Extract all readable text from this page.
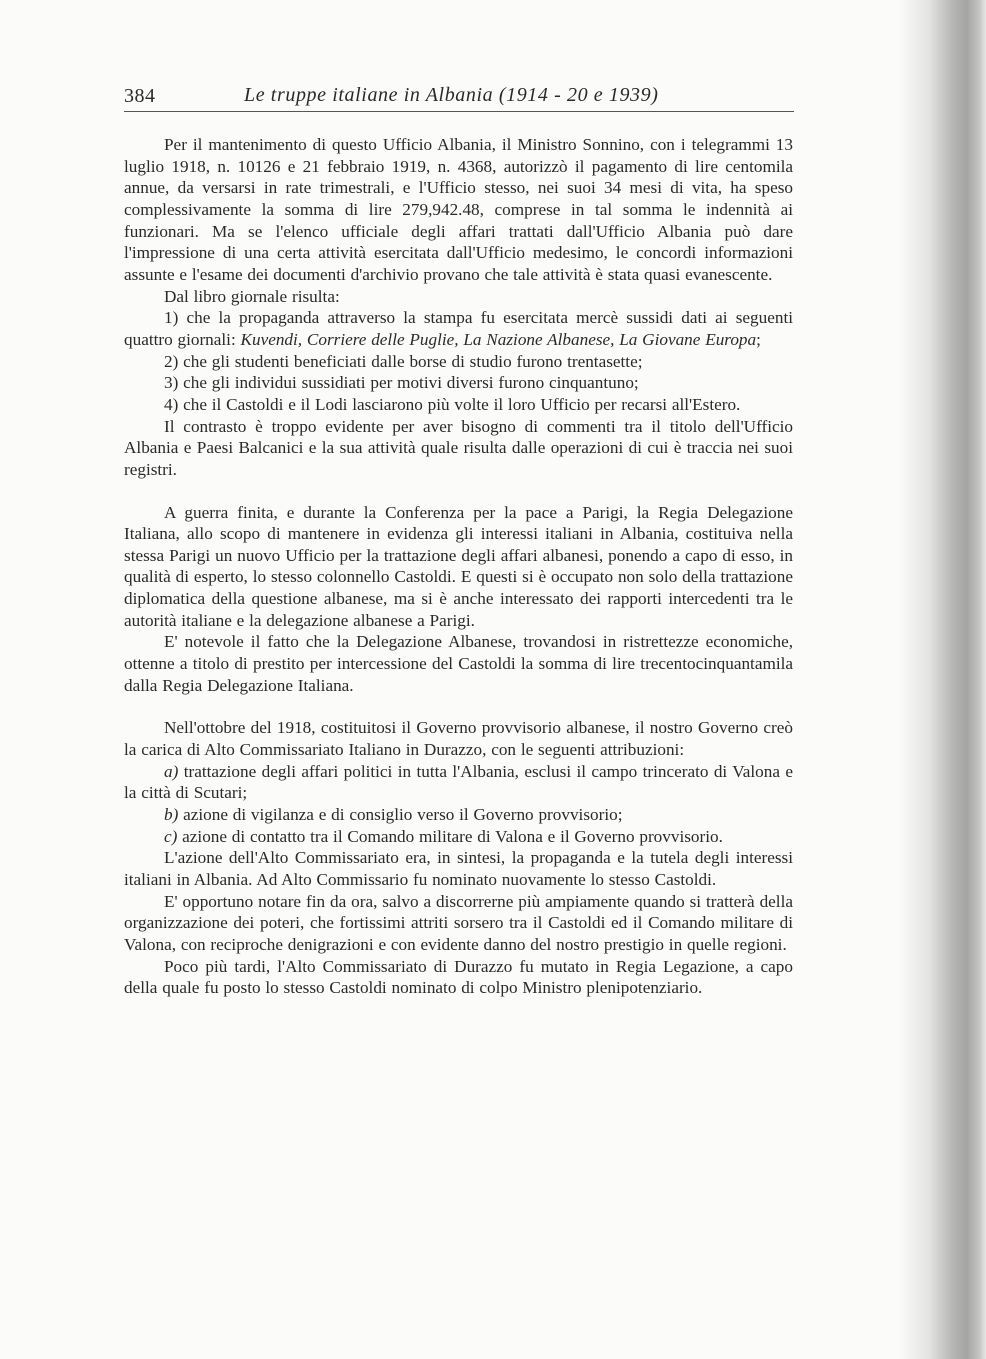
384	Le truppe italiane in Albania (1914 - 20 e 1939)

Per il mantenimento di questo Ufficio Albania, il Ministro Sonnino, con i telegrammi 13 luglio 1918, n. 10126 e 21 febbraio 1919, n. 4368, autorizzò il pagamento di lire centomila annue, da versarsi in rate trimestrali, e l'Ufficio stesso, nei suoi 34 mesi di vita, ha speso complessivamente la somma di lire 279,942.48, comprese in tal somma le indennità ai funzionari. Ma se l'elenco ufficiale degli affari trattati dall'Ufficio Albania può dare l'impressione di una certa attività esercitata dall'Ufficio medesimo, le concordi informazioni assunte e l'esame dei documenti d'archivio provano che tale attività è stata quasi evanescente.

Dal libro giornale risulta:

1) che la propaganda attraverso la stampa fu esercitata mercè sussidi dati ai seguenti quattro giornali: Kuvendi, Corriere delle Puglie, La Nazione Albanese, La Giovane Europa;

2) che gli studenti beneficiati dalle borse di studio furono trentasette;

3) che gli individui sussidiati per motivi diversi furono cinquantuno;

4) che il Castoldi e il Lodi lasciarono più volte il loro Ufficio per recarsi all'Estero.

Il contrasto è troppo evidente per aver bisogno di commenti tra il titolo dell'Ufficio Albania e Paesi Balcanici e la sua attività quale risulta dalle operazioni di cui è traccia nei suoi registri.

A guerra finita, e durante la Conferenza per la pace a Parigi, la Regia Delegazione Italiana, allo scopo di mantenere in evidenza gli interessi italiani in Albania, costituiva nella stessa Parigi un nuovo Ufficio per la trattazione degli affari albanesi, ponendo a capo di esso, in qualità di esperto, lo stesso colonnello Castoldi. E questi si è occupato non solo della trattazione diplomatica della questione albanese, ma si è anche interessato dei rapporti intercedenti tra le autorità italiane e la delegazione albanese a Parigi.

E' notevole il fatto che la Delegazione Albanese, trovandosi in ristrettezze economiche, ottenne a titolo di prestito per intercessione del Castoldi la somma di lire trecentocinquantamila dalla Regia Delegazione Italiana.

Nell'ottobre del 1918, costituitosi il Governo provvisorio albanese, il nostro Governo creò la carica di Alto Commissariato Italiano in Durazzo, con le seguenti attribuzioni:

a) trattazione degli affari politici in tutta l'Albania, esclusi il campo trincerato di Valona e la città di Scutari;

b) azione di vigilanza e di consiglio verso il Governo provvisorio;

c) azione di contatto tra il Comando militare di Valona e il Governo provvisorio.

L'azione dell'Alto Commissariato era, in sintesi, la propaganda e la tutela degli interessi italiani in Albania. Ad Alto Commissario fu nominato nuovamente lo stesso Castoldi.

E' opportuno notare fin da ora, salvo a discorrerne più ampiamente quando si tratterà della organizzazione dei poteri, che fortissimi attriti sorsero tra il Castoldi ed il Comando militare di Valona, con reciproche denigrazioni e con evidente danno del nostro prestigio in quelle regioni.

Poco più tardi, l'Alto Commissariato di Durazzo fu mutato in Regia Legazione, a capo della quale fu posto lo stesso Castoldi nominato di colpo Ministro plenipotenziario.
